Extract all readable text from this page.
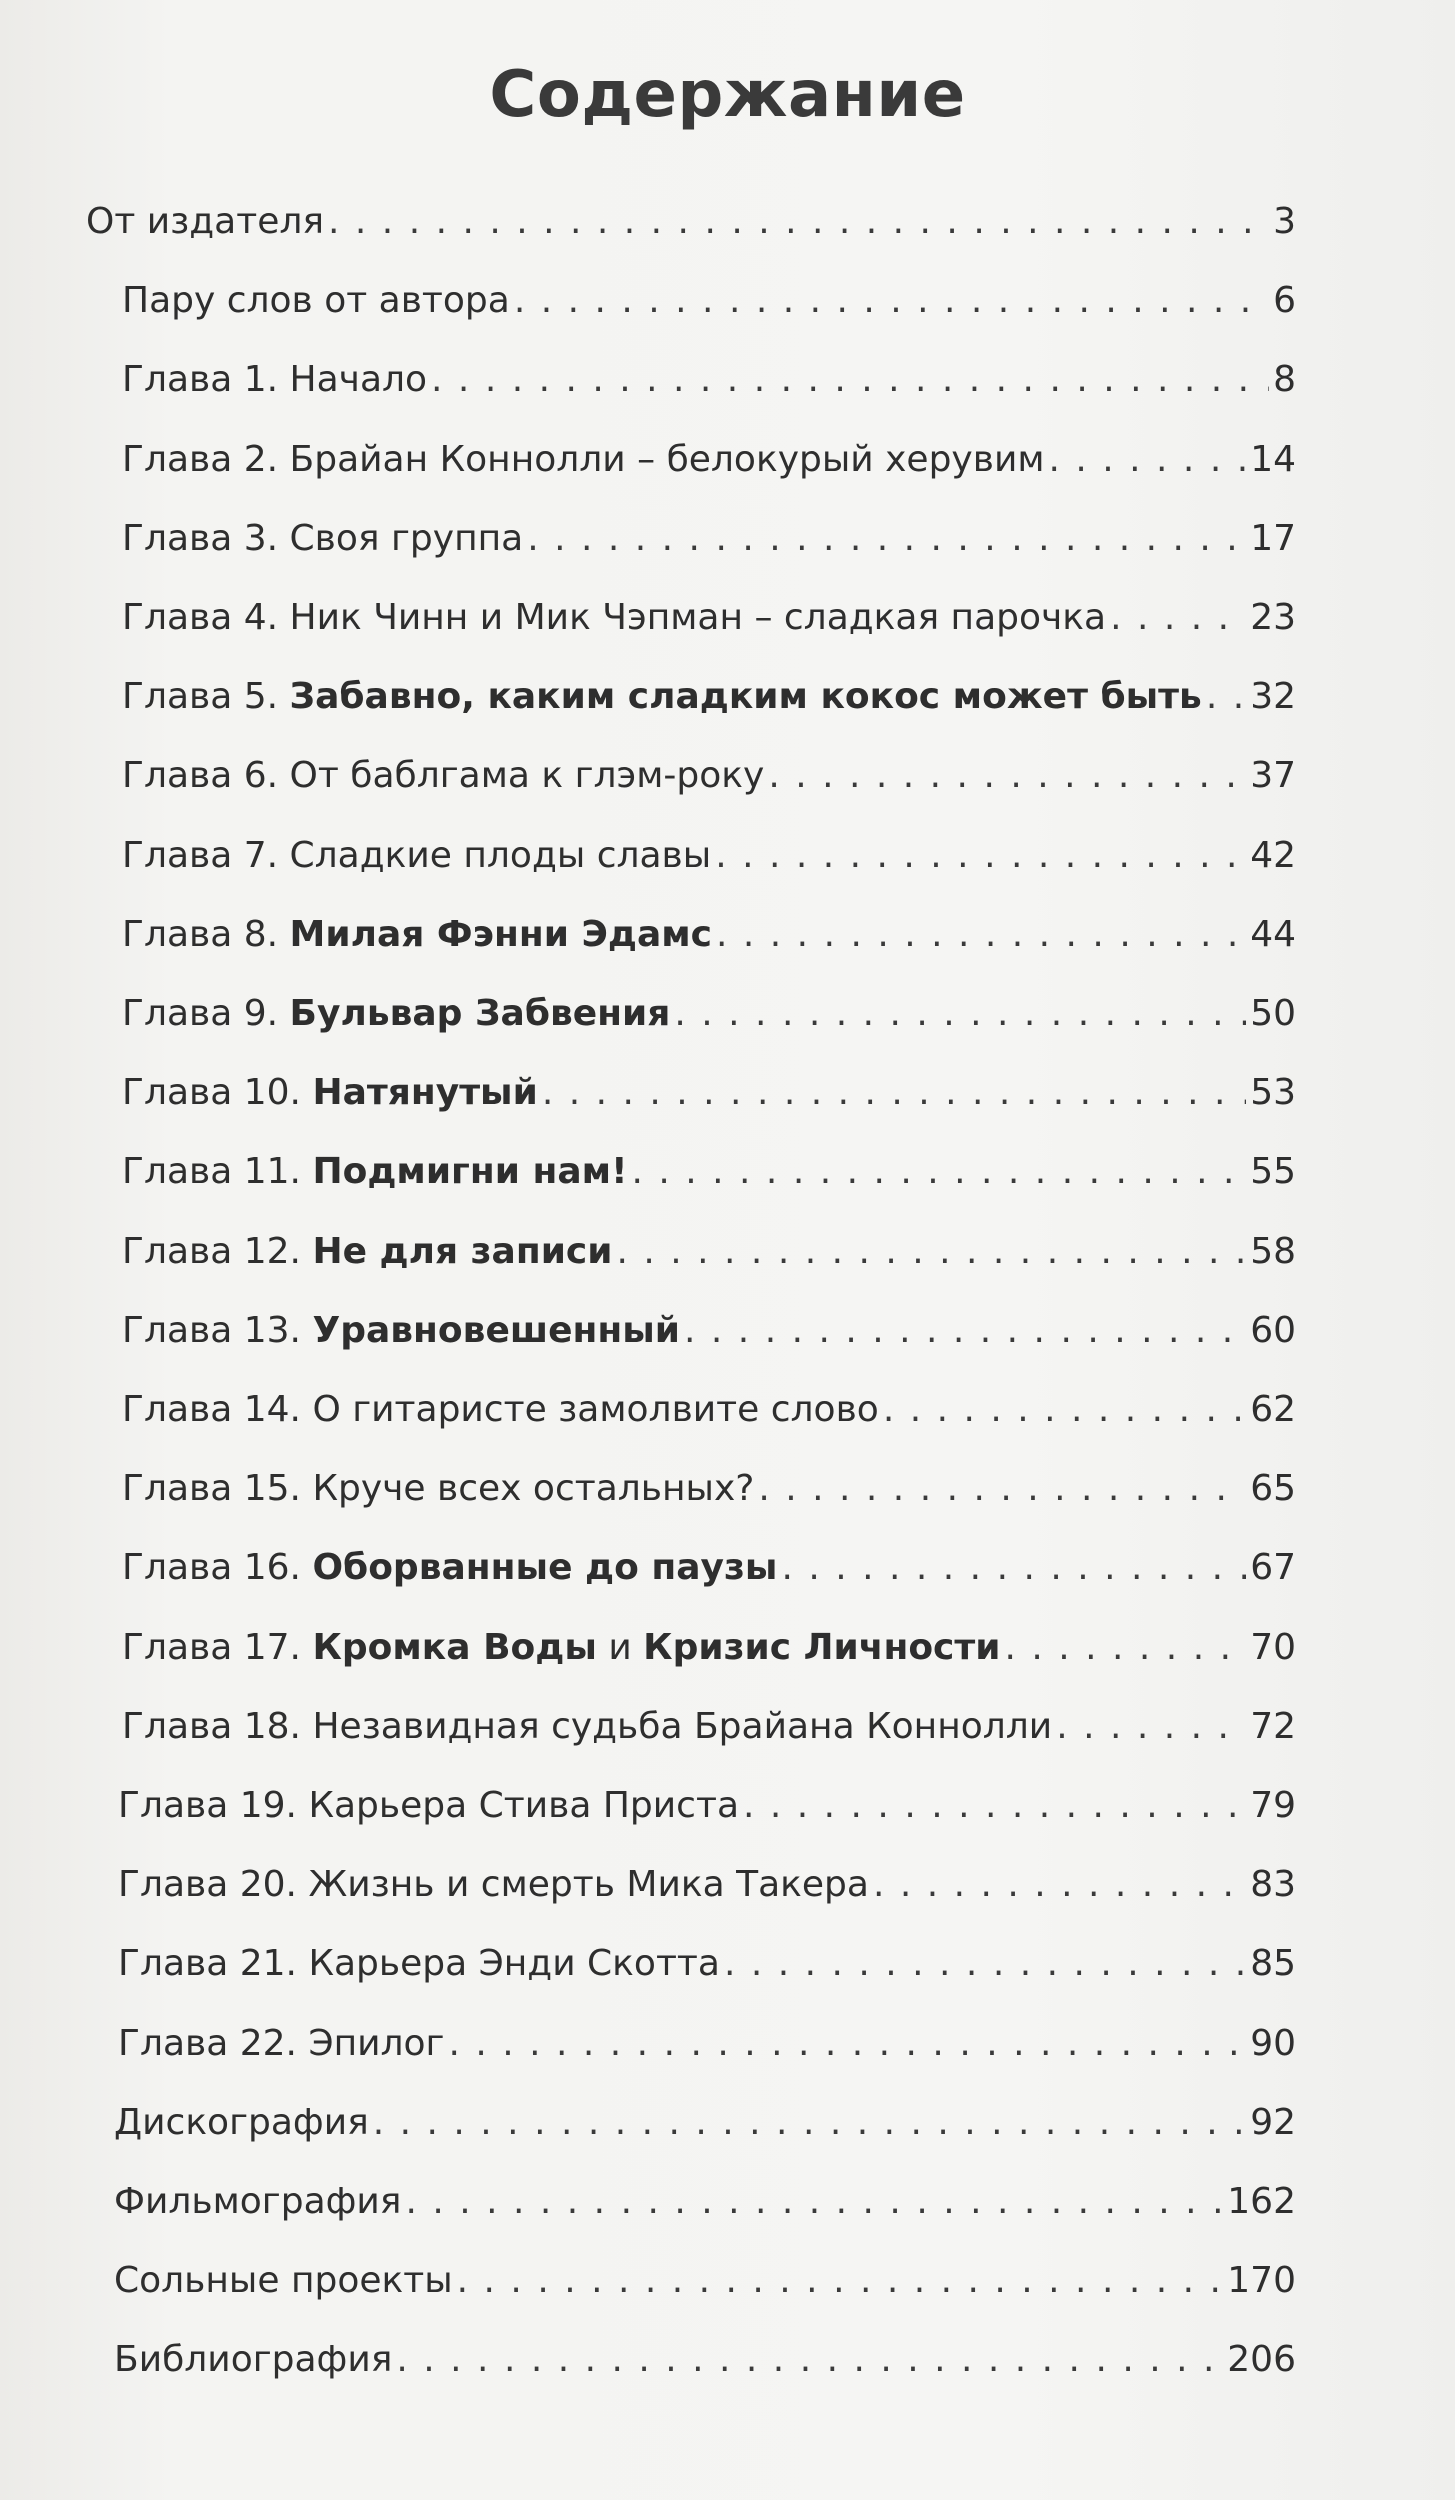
Содержание
От издателя . . .	3
Пару слов от автора . . .	6
Глава 1. Начало . . .	8
Глава 2. Брайан Коннолли – белокурый херувим . . .	14
Глава 3. Своя группа . . .	17
Глава 4. Ник Чинн и Мик Чэпман – сладкая парочка . . .	23
Глава 5. Забавно, каким сладким кокос может быть . . . 32
Глава 6. От баблгама к глэм-року . . .	37
Глава 7. Сладкие плоды славы . . .	42
Глава 8. Милая Фэнни Эдамс . . .	44
Глава 9. Бульвар Забвения . . .	50
Глава 10. Натянутый . . .	53
Глава 11. Подмигни нам! . . .	55
Глава 12. Не для записи . . .	58
Глава 13. Уравновешенный . . .	60
Глава 14. О гитаристе замолвите слово . . .	62
Глава 15. Круче всех остальных? . . .	65
Глава 16. Оборванные до паузы . . .	67
Глава 17. Кромка Воды и Кризис Личности . . .	70
Глава 18. Незавидная судьба Брайана Коннолли . . .	72
Глава 19. Карьера Стива Приста . . .	79
Глава 20. Жизнь и смерть Мика Такера . . .	83
Глава 21. Карьера Энди Скотта . . .	85
Глава 22. Эпилог . . .	90
Дискография . . .	92
Фильмография . . .	162
Сольные проекты . . .	170
Библиография . . .	206
